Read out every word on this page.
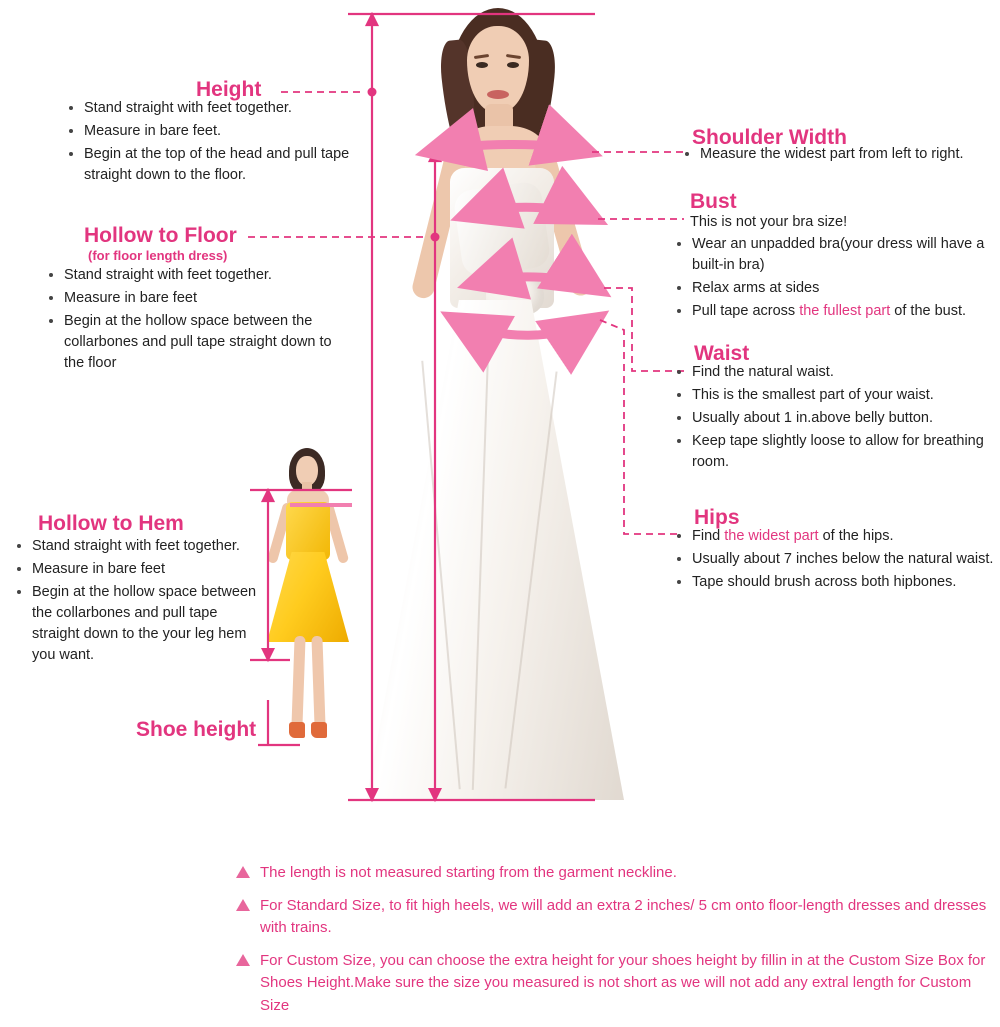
Height
• Stand straight with feet together.
• Measure in bare feet.
• Begin at the top of the head and pull tape straight down to the floor.
Hollow to Floor
(for floor length dress)
• Stand straight with feet together.
• Measure in bare feet
• Begin at the hollow space between the collarbones and pull tape straight down to the floor
Hollow to Hem
• Stand straight with feet together.
• Measure in bare feet
• Begin at the hollow space between the collarbones and pull tape straight down to the your leg hem you want.
Shoe height
Shoulder Width
• Measure the widest part from left to right.
Bust
This is not your bra size!
• Wear an unpadded bra(your dress will have a built-in bra)
• Relax arms at sides
• Pull tape across the fullest part of the bust.
Waist
• Find the natural waist.
• This is the smallest part of your waist.
• Usually about 1 in.above belly button.
• Keep tape slightly loose to allow for breathing room.
Hips
• Find the widest part of the hips.
• Usually about 7 inches below the natural waist.
• Tape should brush across both hipbones.
The length is not measured starting from the garment neckline.
For Standard Size, to fit high heels, we will add an extra 2 inches/ 5 cm onto floor-length dresses and dresses with trains.
For Custom Size, you can choose the extra height for your shoes height by fillin in at the Custom Size Box for Shoes Height.Make sure the size you measured is not short as we will not add any extral length for Custom Size
